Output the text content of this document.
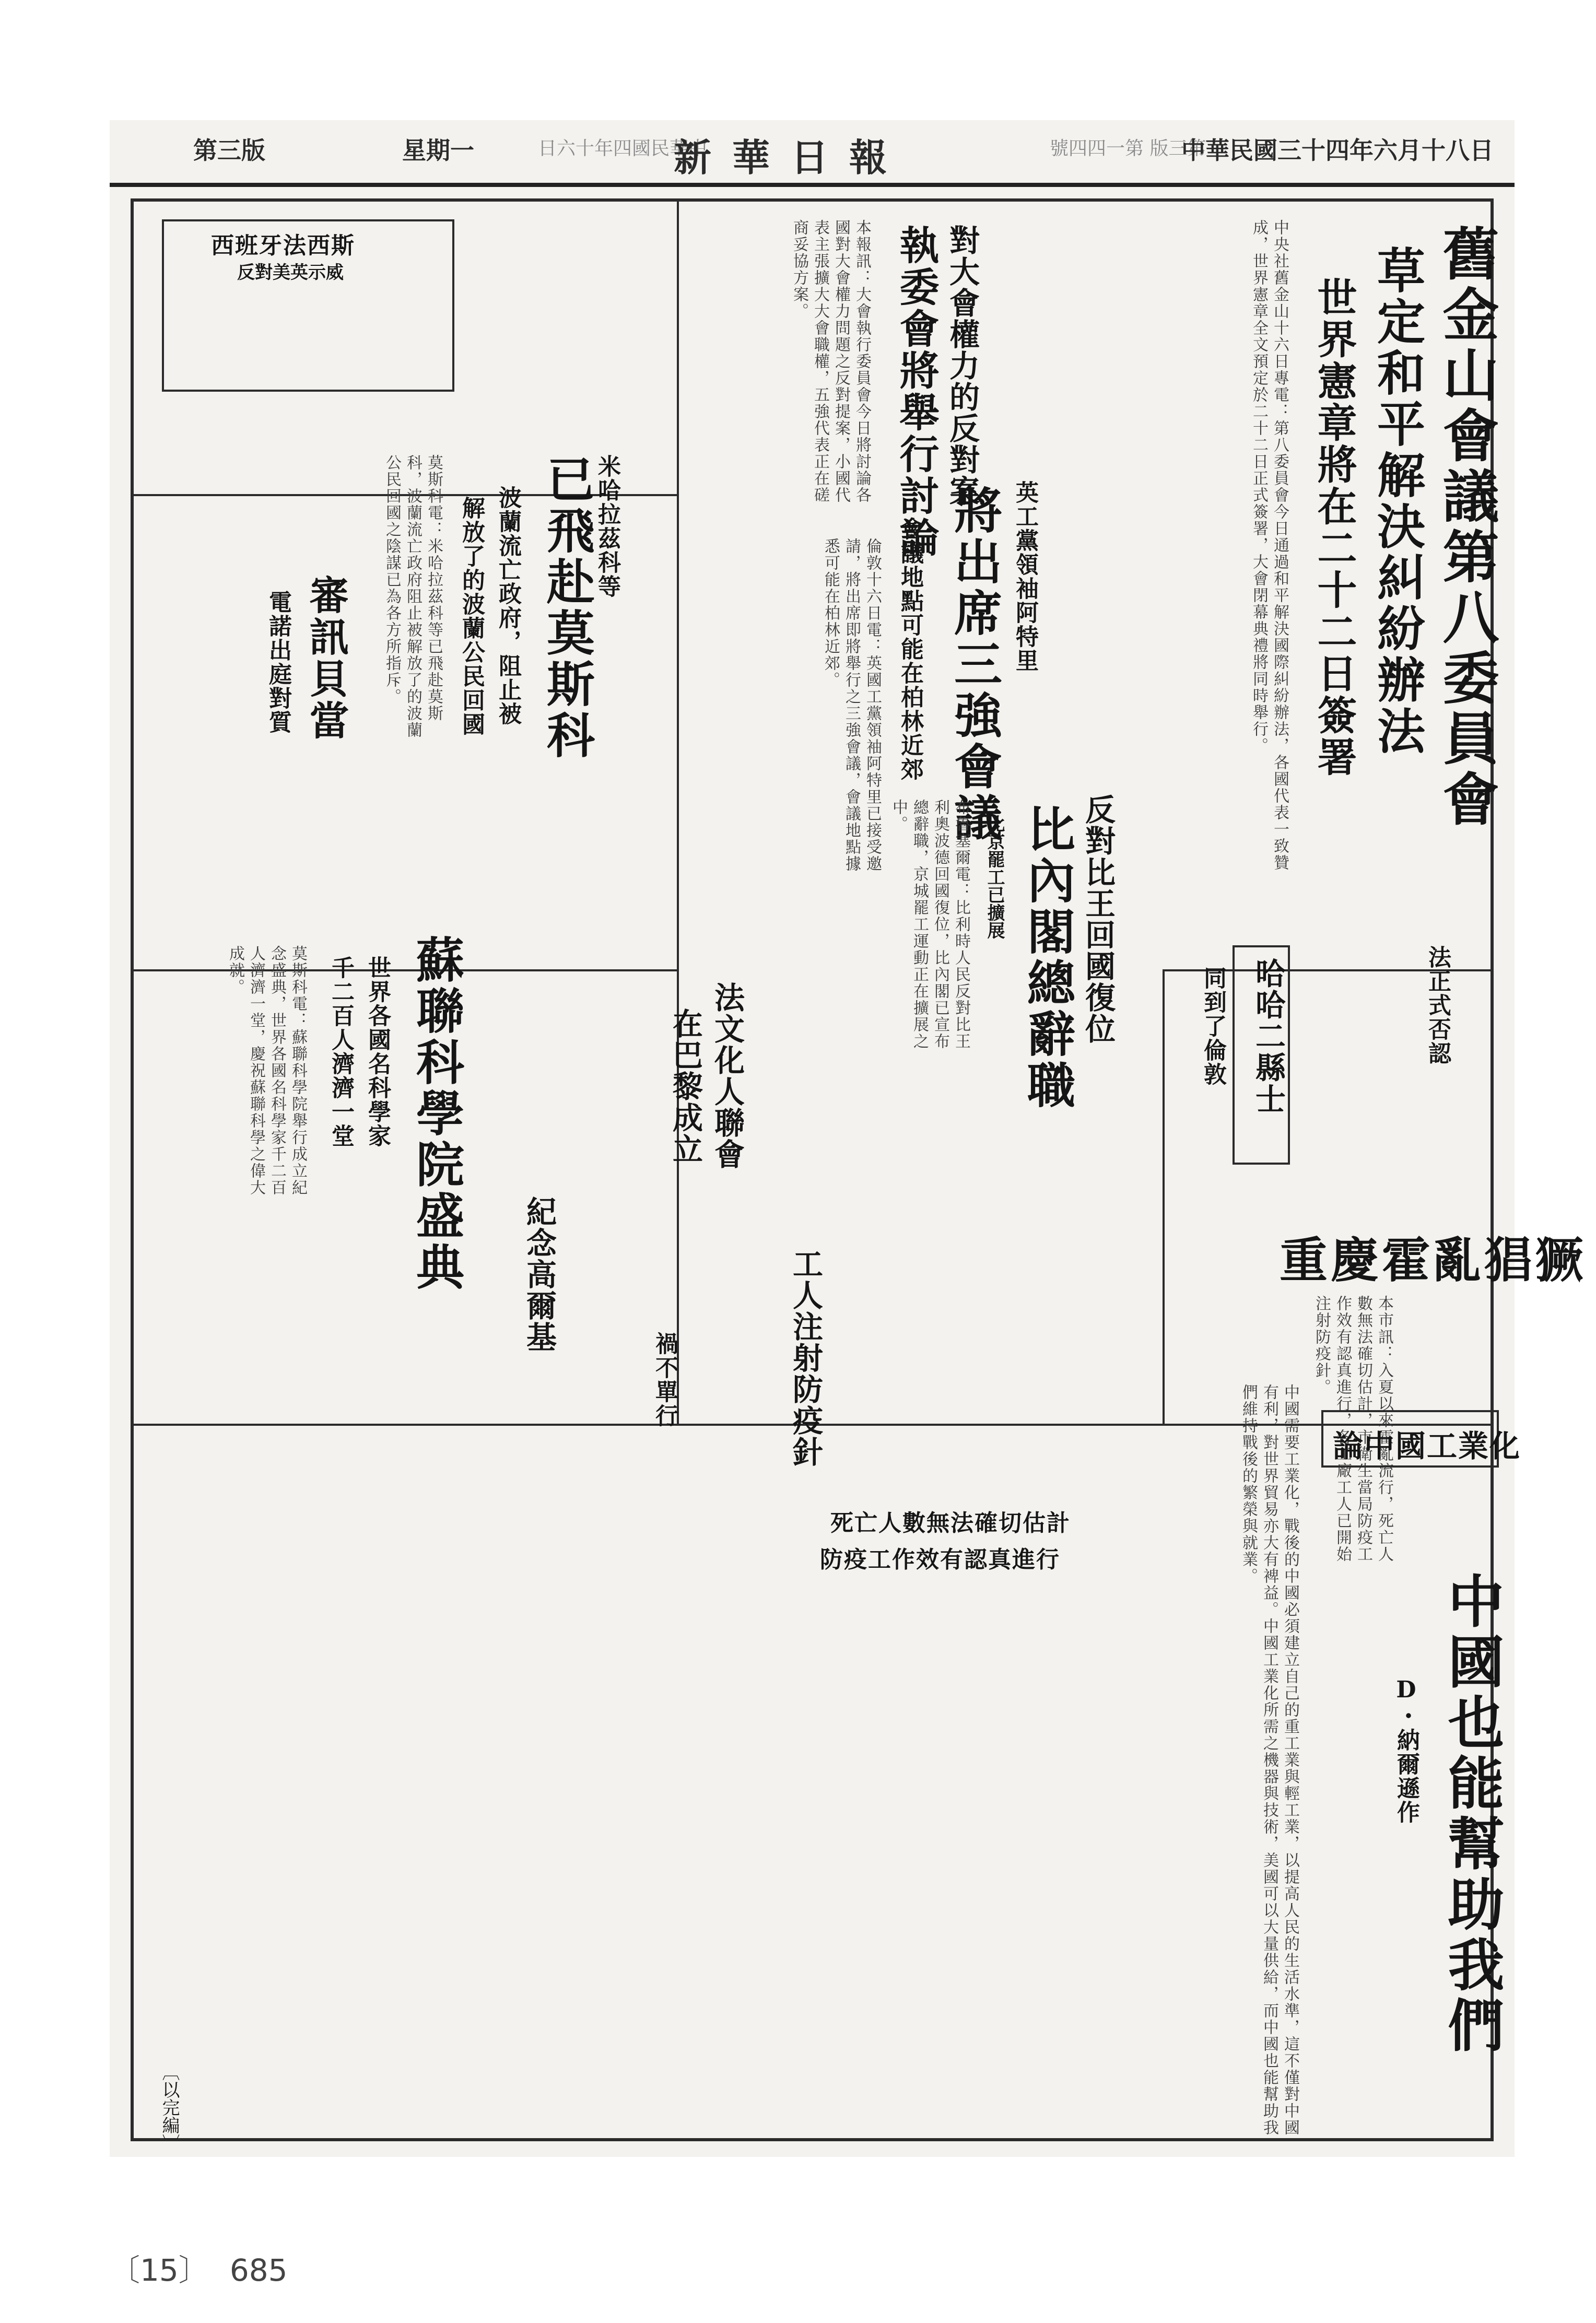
第三版	星期一	日六十年四國民華中
新華日報	號四四一第 版三第
中華民國三十四年六月十八日
舊金山會議第八委員會
草定和平解決糾紛辦法
世界憲章將在二十二日簽署
中央社舊金山十六日專電：第八委員會今日通過和平解決國際糾紛辦法，各國代表一致贊成，世界憲章全文預定於二十二日正式簽署，大會閉幕典禮將同時舉行。
對大會權力的反對案
執委會將舉行討論
本報訊：大會執行委員會今日將討論各國對大會權力問題之反對提案，小國代表主張擴大大會職權，五強代表正在磋商妥協方案。
英工黨領袖阿特里
將出席三強會議
會議地點可能在柏林近郊
倫敦十六日電：英國工黨領袖阿特里已接受邀請，將出席即將舉行之三強會議，會議地點據悉可能在柏林近郊。
反對比王回國復位
比內閣總辭職
比京罷工已擴展
布魯塞爾電：比利時人民反對比王利奧波德回國復位，比內閣已宣布總辭職，京城罷工運動正在擴展之中。
法文化人聯會
在巴黎成立
法正式否認
哈哈二縣士
同到了倫敦
重慶霍亂猖獗
本市訊：入夏以來霍亂流行，死亡人數無法確切估計，市衛生當局防疫工作效有認真進行，各工廠工人已開始注射防疫針。
死亡人數無法確切估計
防疫工作效有認真進行
工人注射防疫針
禍不單行
西班牙法西斯
反對美英示威
米哈拉茲科等
已飛赴莫斯科
波蘭流亡政府，阻止被
解放了的波蘭公民回國
莫斯科電：米哈拉茲科等已飛赴莫斯科，波蘭流亡政府阻止被解放了的波蘭公民回國之陰謀已為各方所指斥。
審訊貝當
電諾出庭對質
蘇聯科學院盛典
世界各國名科學家
千二百人濟濟一堂
莫斯科電：蘇聯科學院舉行成立紀念盛典，世界各國名科學家千二百人濟濟一堂，慶祝蘇聯科學之偉大成就。
紀念高爾基
論中國工業化
中國也能幫助我們
D・納爾遜作
中國需要工業化，戰後的中國必須建立自己的重工業與輕工業，以提高人民的生活水準，這不僅對中國有利，對世界貿易亦大有裨益。中國工業化所需之機器與技術，美國可以大量供給，而中國也能幫助我們維持戰後的繁榮與就業。
〔以完編〕
〔15〕 685
